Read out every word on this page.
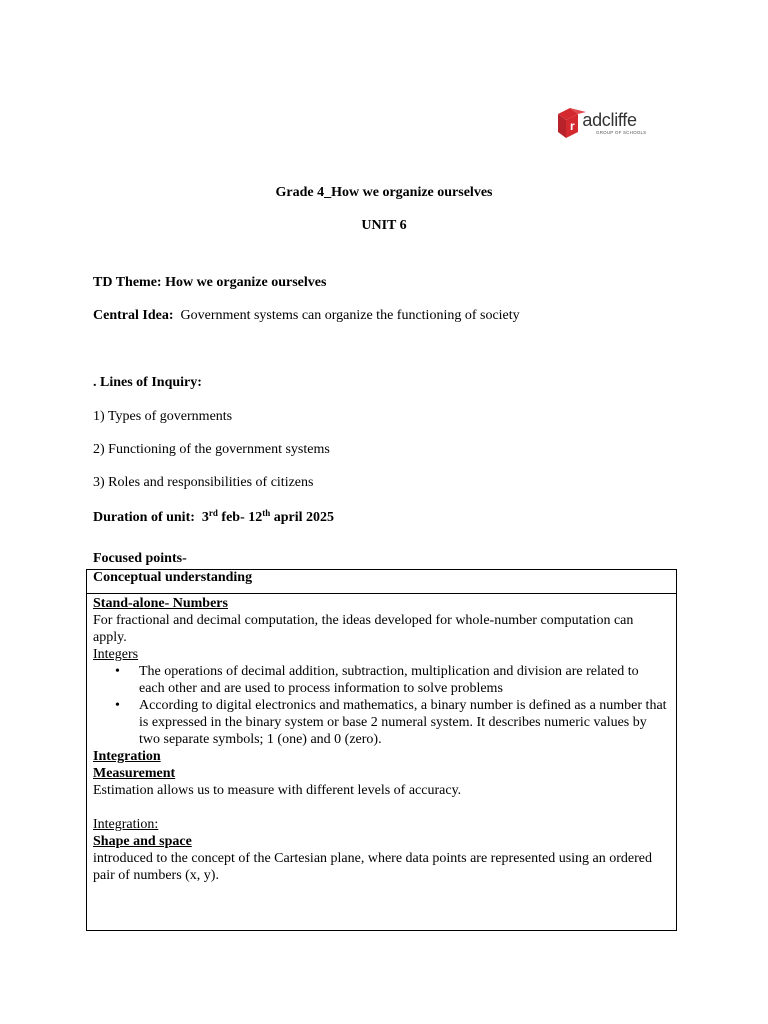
$_r$ adcliffe
GROUP OF SCHOOLS
Grade 4_How we organize ourselves
UNIT 6
TD Theme: How we organize ourselves
Central Idea: Government systems can organize the functioning of society
. Lines of Inquiry:
1) Types of governments
2) Functioning of the government systems
3) Roles and responsibilities of citizens
Duration of unit: 3rd feb- 12th april 2025
Focused points-
Conceptual understanding

Stand-alone- Numbers

For fractional and decimal computation, the ideas developed for whole-number computation can apply.

Integers

• The operations of decimal addition, subtraction, multiplication and division are related to each other and are used to process information to solve problems
• According to digital electronics and mathematics, a binary number is defined as a number that is expressed in the binary system or base 2 numeral system. It describes numeric values by two separate symbols; 1 (one) and 0 (zero).

Integration

Measurement

Estimation allows us to measure with different levels of accuracy.

Integration:

Shape and space

introduced to the concept of the Cartesian plane, where data points are represented using an ordered pair of numbers (x, y).
